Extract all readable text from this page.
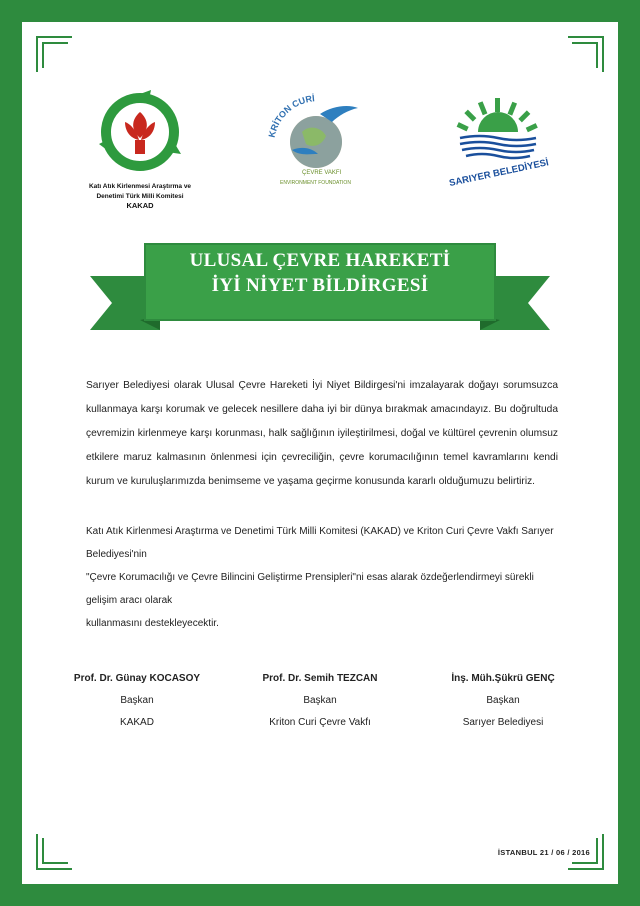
Katı Atık Kirlenmesi Araştırma ve
Denetimi Türk Milli Komitesi
KAKAD
KRİTON CURİ
ÇEVRE VAKFI
ENVIRONMENT FOUNDATION	SARIYER BELEDİYESİ
ULUSAL ÇEVRE HAREKETİ
İYİ NİYET BİLDİRGESİ
Sarıyer Belediyesi olarak Ulusal Çevre Hareketi İyi Niyet Bildirgesi'ni imzalayarak doğayı sorumsuzca kullanmaya karşı korumak ve gelecek nesillere daha iyi bir dünya bırakmak amacındayız. Bu doğrultuda çevremizin kirlenmeye karşı korunması, halk sağlığının iyileştirilmesi, doğal ve kültürel çevrenin olumsuz etkilere maruz kalmasının önlenmesi için çevreciliğin, çevre korumacılığının temel kavramlarını kendi kurum ve kuruluşlarımızda benimseme ve yaşama geçirme konusunda kararlı olduğumuzu belirtiriz.
Katı Atık Kirlenmesi Araştırma ve Denetimi Türk Milli Komitesi (KAKAD) ve Kriton Curi Çevre Vakfı Sarıyer Belediyesi'nin
"Çevre Korumacılığı ve Çevre Bilincini Geliştirme Prensipleri"ni esas alarak özdeğerlendirmeyi sürekli gelişim aracı olarak
kullanmasını destekleyecektir.
Prof. Dr. Günay KOCASOY
Başkan
KAKAD
Prof. Dr. Semih TEZCAN
Başkan
Kriton Curi Çevre Vakfı
İnş. Müh.Şükrü GENÇ
Başkan
Sarıyer Belediyesi
İSTANBUL 21 / 06 / 2016
